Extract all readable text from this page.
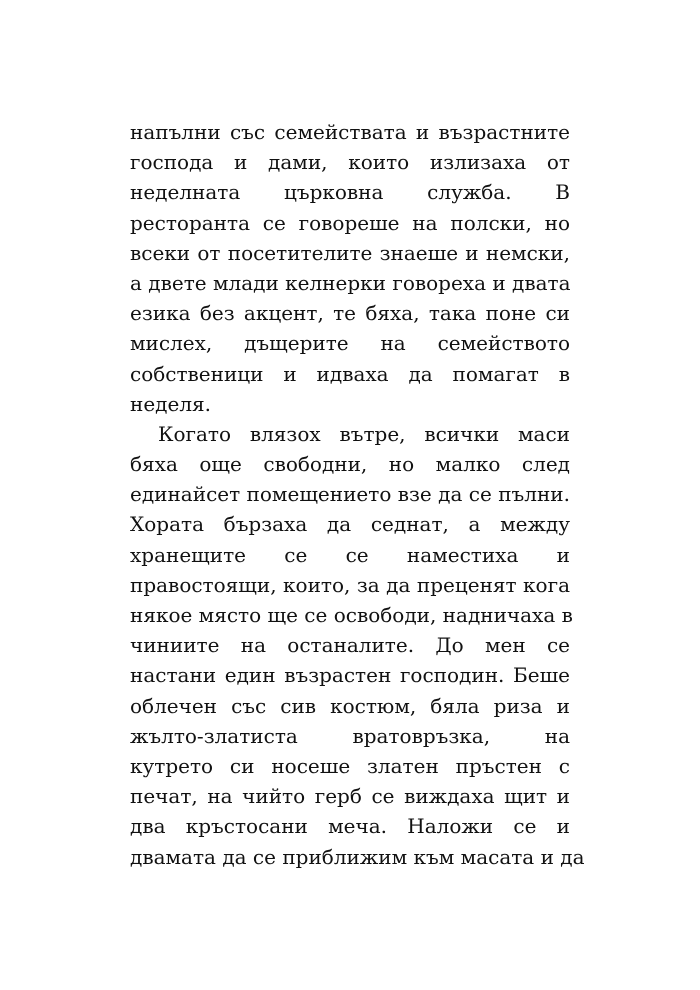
напълни със семействата и възрастните
господа и дами, които излизаха от
неделната църковна служба. В
ресторанта се говореше на полски, но
всеки от посетителите знаеше и немски,
а двете млади келнерки говореха и двата
езика без акцент, те бяха, така поне си
мислех, дъщерите на семейството
собственици и идваха да помагат в
неделя.
Когато влязох вътре, всички маси
бяха още свободни, но малко след
единайсет помещението взе да се пълни.
Хората бързаха да седнат, а между
хранещите се се наместиха и
правостоящи, които, за да преценят кога
някое място ще се освободи, надничаха в
чиниите на останалите. До мен се
настани един възрастен господин. Беше
облечен със сив костюм, бяла риза и
жълто-златиста вратовръзка, на
кутрето си носеше златен пръстен с
печат, на чийто герб се виждаха щит и
два кръстосани меча. Наложи се и
двамата да се приближим към масата и да
